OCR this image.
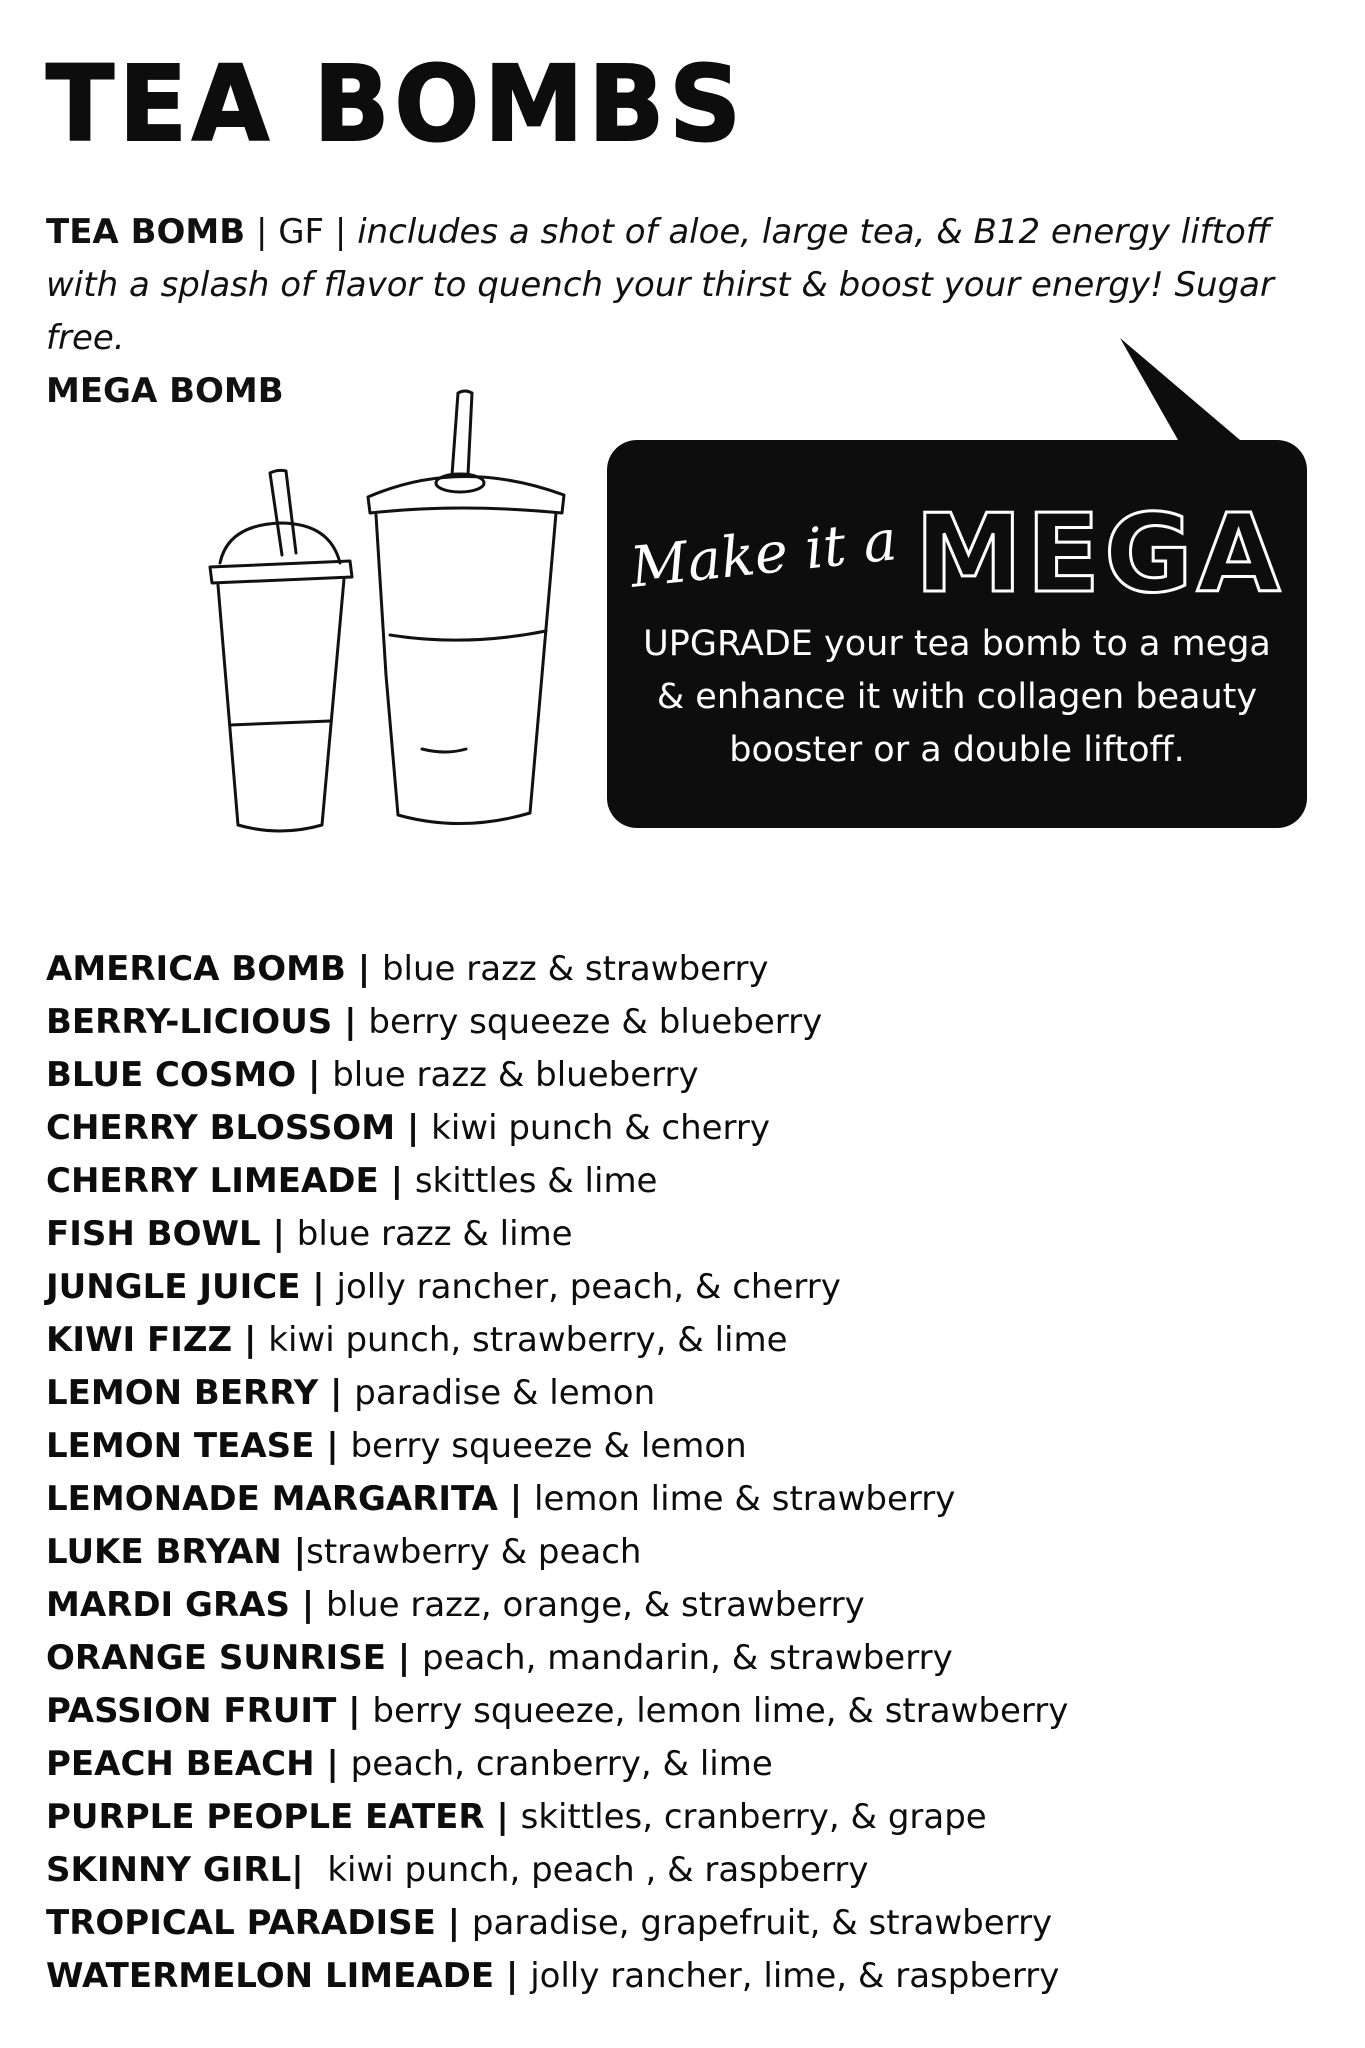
TEA BOMBS
TEA BOMB | GF | includes a shot of aloe, large tea, & B12 energy liftoff with a splash of flavor to quench your thirst & boost your energy! Sugar free.
MEGA BOMB
Make it a MEGA
UPGRADE your tea bomb to a mega & enhance it with collagen beauty booster or a double liftoff.
AMERICA BOMB | blue razz & strawberry
BERRY-LICIOUS | berry squeeze & blueberry
BLUE COSMO | blue razz & blueberry
CHERRY BLOSSOM | kiwi punch & cherry
CHERRY LIMEADE | skittles & lime
FISH BOWL | blue razz & lime
JUNGLE JUICE | jolly rancher, peach, & cherry
KIWI FIZZ | kiwi punch, strawberry, & lime
LEMON BERRY | paradise & lemon
LEMON TEASE | berry squeeze & lemon
LEMONADE MARGARITA | lemon lime & strawberry
LUKE BRYAN |strawberry & peach
MARDI GRAS | blue razz, orange, & strawberry
ORANGE SUNRISE | peach, mandarin, & strawberry
PASSION FRUIT | berry squeeze, lemon lime, & strawberry
PEACH BEACH | peach, cranberry, & lime
PURPLE PEOPLE EATER | skittles, cranberry, & grape
SKINNY GIRL|  kiwi punch, peach , & raspberry
TROPICAL PARADISE | paradise, grapefruit, & strawberry
WATERMELON LIMEADE | jolly rancher, lime, & raspberry
